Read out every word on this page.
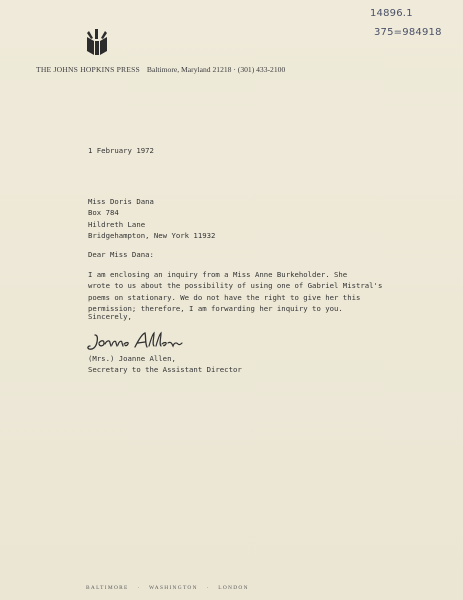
14896.1
375=984918
THE JOHNS HOPKINS PRESS Baltimore, Maryland 21218 · (301) 433-2100
1 February 1972
Miss Doris Dana
Box 784
Hildreth Lane
Bridgehampton, New York 11932
Dear Miss Dana:
I am enclosing an inquiry from a Miss Anne Burkeholder. She
wrote to us about the possibility of using one of Gabriel Mistral's
poems on stationary. We do not have the right to give her this
permission; therefore, I am forwarding her inquiry to you.
Sincerely,
(Mrs.) Joanne Allen,
Secretary to the Assistant Director
BALTIMORE · WASHINGTON · LONDON
